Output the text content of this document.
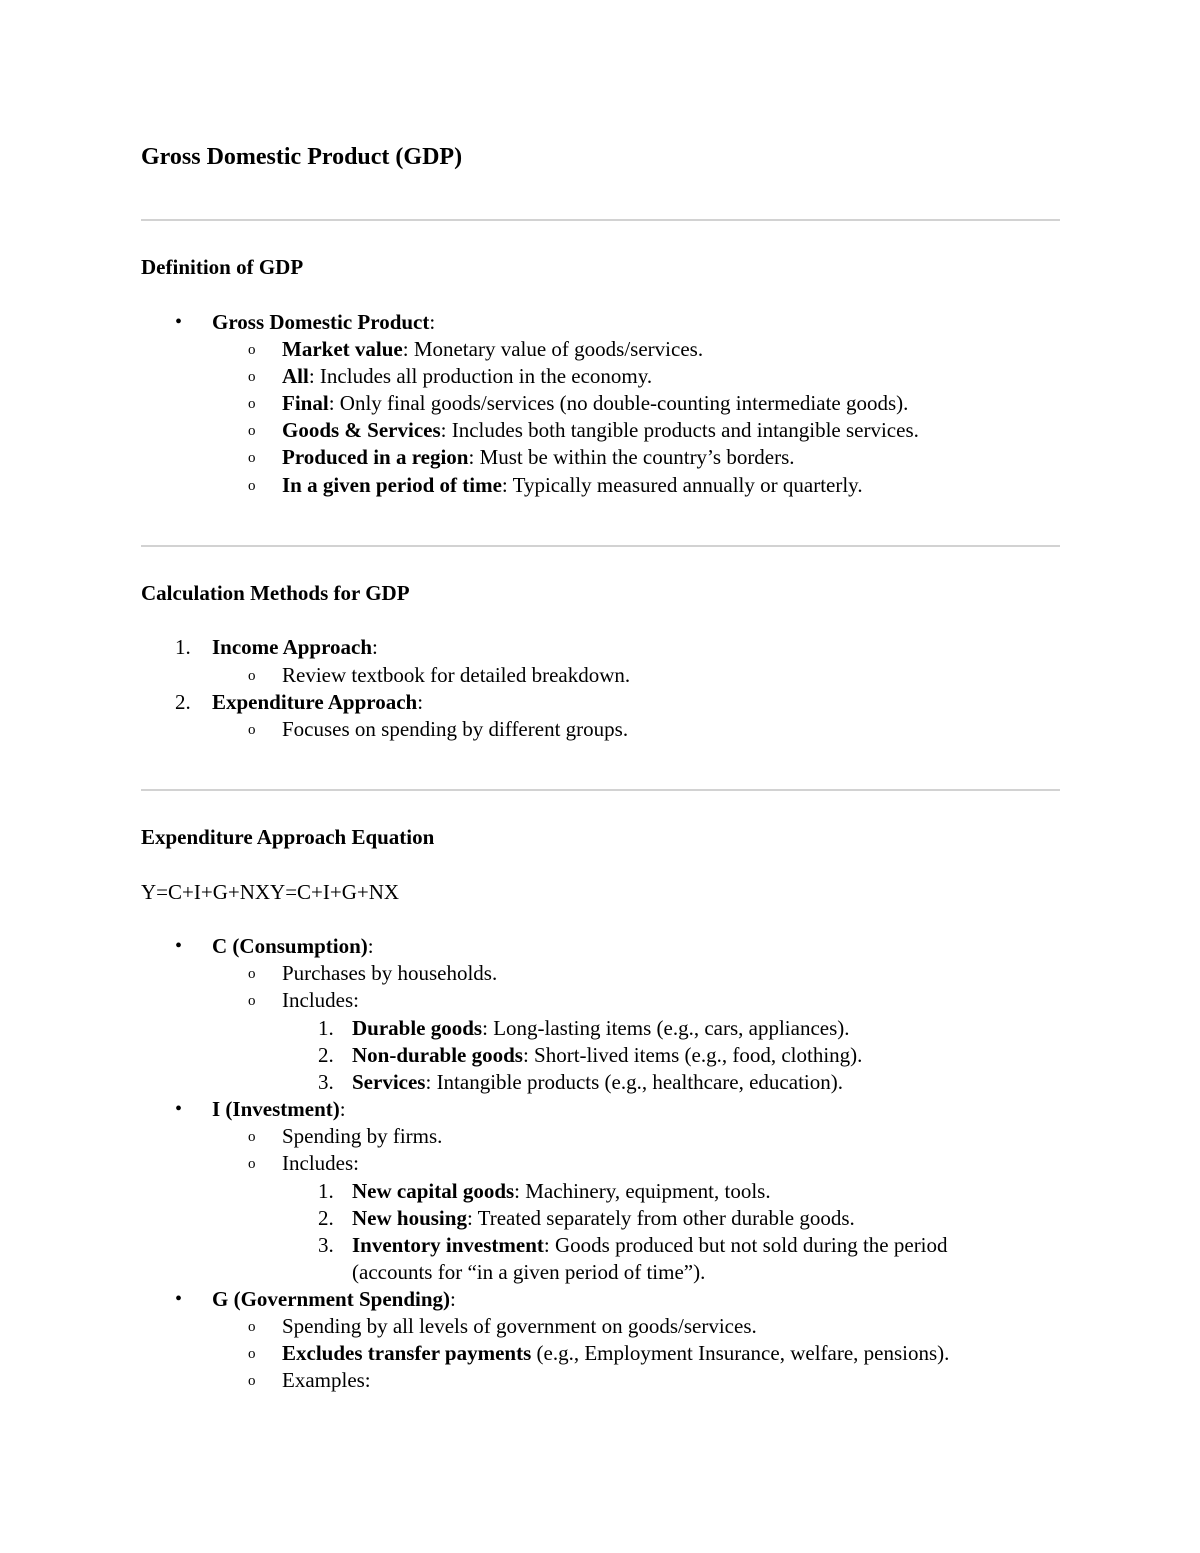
Gross Domestic Product (GDP)
Definition of GDP
• Gross Domestic Product:
o Market value: Monetary value of goods/services.
o All: Includes all production in the economy.
o Final: Only final goods/services (no double-counting intermediate goods).
o Goods & Services: Includes both tangible products and intangible services.
o Produced in a region: Must be within the country’s borders.
o In a given period of time: Typically measured annually or quarterly.
Calculation Methods for GDP
1. Income Approach:
o Review textbook for detailed breakdown.
2. Expenditure Approach:
o Focuses on spending by different groups.
Expenditure Approach Equation
Y=C+I+G+NXY=C+I+G+NX
• C (Consumption):
o Purchases by households.
o Includes:
1. Durable goods: Long-lasting items (e.g., cars, appliances).
2. Non-durable goods: Short-lived items (e.g., food, clothing).
3. Services: Intangible products (e.g., healthcare, education).
• I (Investment):
o Spending by firms.
o Includes:
1. New capital goods: Machinery, equipment, tools.
2. New housing: Treated separately from other durable goods.
3. Inventory investment: Goods produced but not sold during the period
(accounts for “in a given period of time”).
• G (Government Spending):
o Spending by all levels of government on goods/services.
o Excludes transfer payments (e.g., Employment Insurance, welfare, pensions).
o Examples:
